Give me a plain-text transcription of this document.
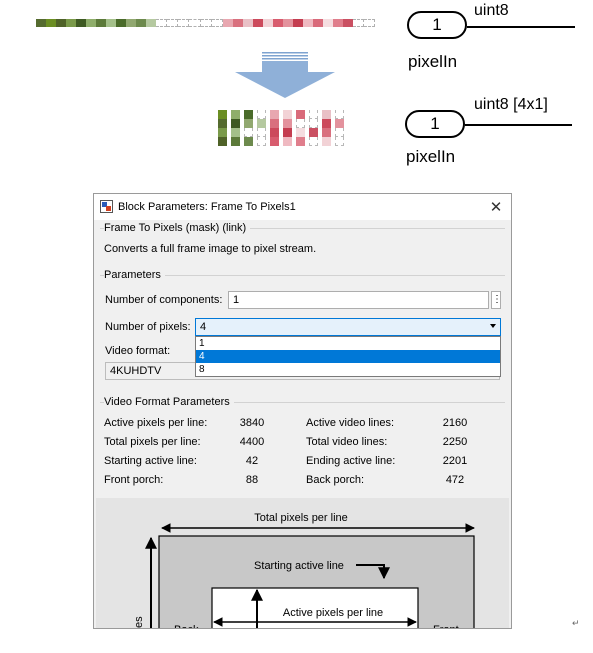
1
uint8
pixelIn
1
uint8 [4x1]
pixelIn
Block Parameters: Frame To Pixels1	✕
Frame To Pixels (mask) (link)
Converts a full frame image to pixel stream.
Parameters
Number of components: 1	⋮
Number of pixels: 4
Video format:
4KUHDTV
1
4
8
Video Format Parameters
Active pixels per line:	3840	Active video lines:	2160
Total pixels per line:	4400	Total video lines:	2250
Starting active line:	42	Ending active line:	2201
Front porch:	88	Back porch:	472
Total pixels per line
Starting active line
Active pixels per line
Back	Front
es	↵
